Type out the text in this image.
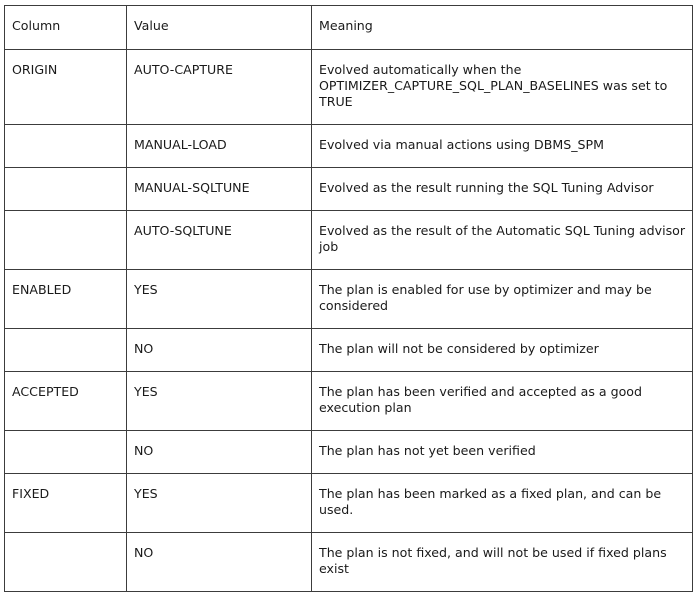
Column	Value	Meaning
ORIGIN	AUTO-CAPTURE	Evolved automatically when the OPTIMIZER_CAPTURE_SQL_PLAN_BASELINES was set to TRUE
	MANUAL-LOAD	Evolved via manual actions using DBMS_SPM
	MANUAL-SQLTUNE	Evolved as the result running the SQL Tuning Advisor
	AUTO-SQLTUNE	Evolved as the result of the Automatic SQL Tuning advisor job
ENABLED	YES	The plan is enabled for use by optimizer and may be considered
	NO	The plan will not be considered by optimizer
ACCEPTED	YES	The plan has been verified and accepted as a good execution plan
	NO	The plan has not yet been verified
FIXED	YES	The plan has been marked as a fixed plan, and can be used.
	NO	The plan is not fixed, and will not be used if fixed plans exist
